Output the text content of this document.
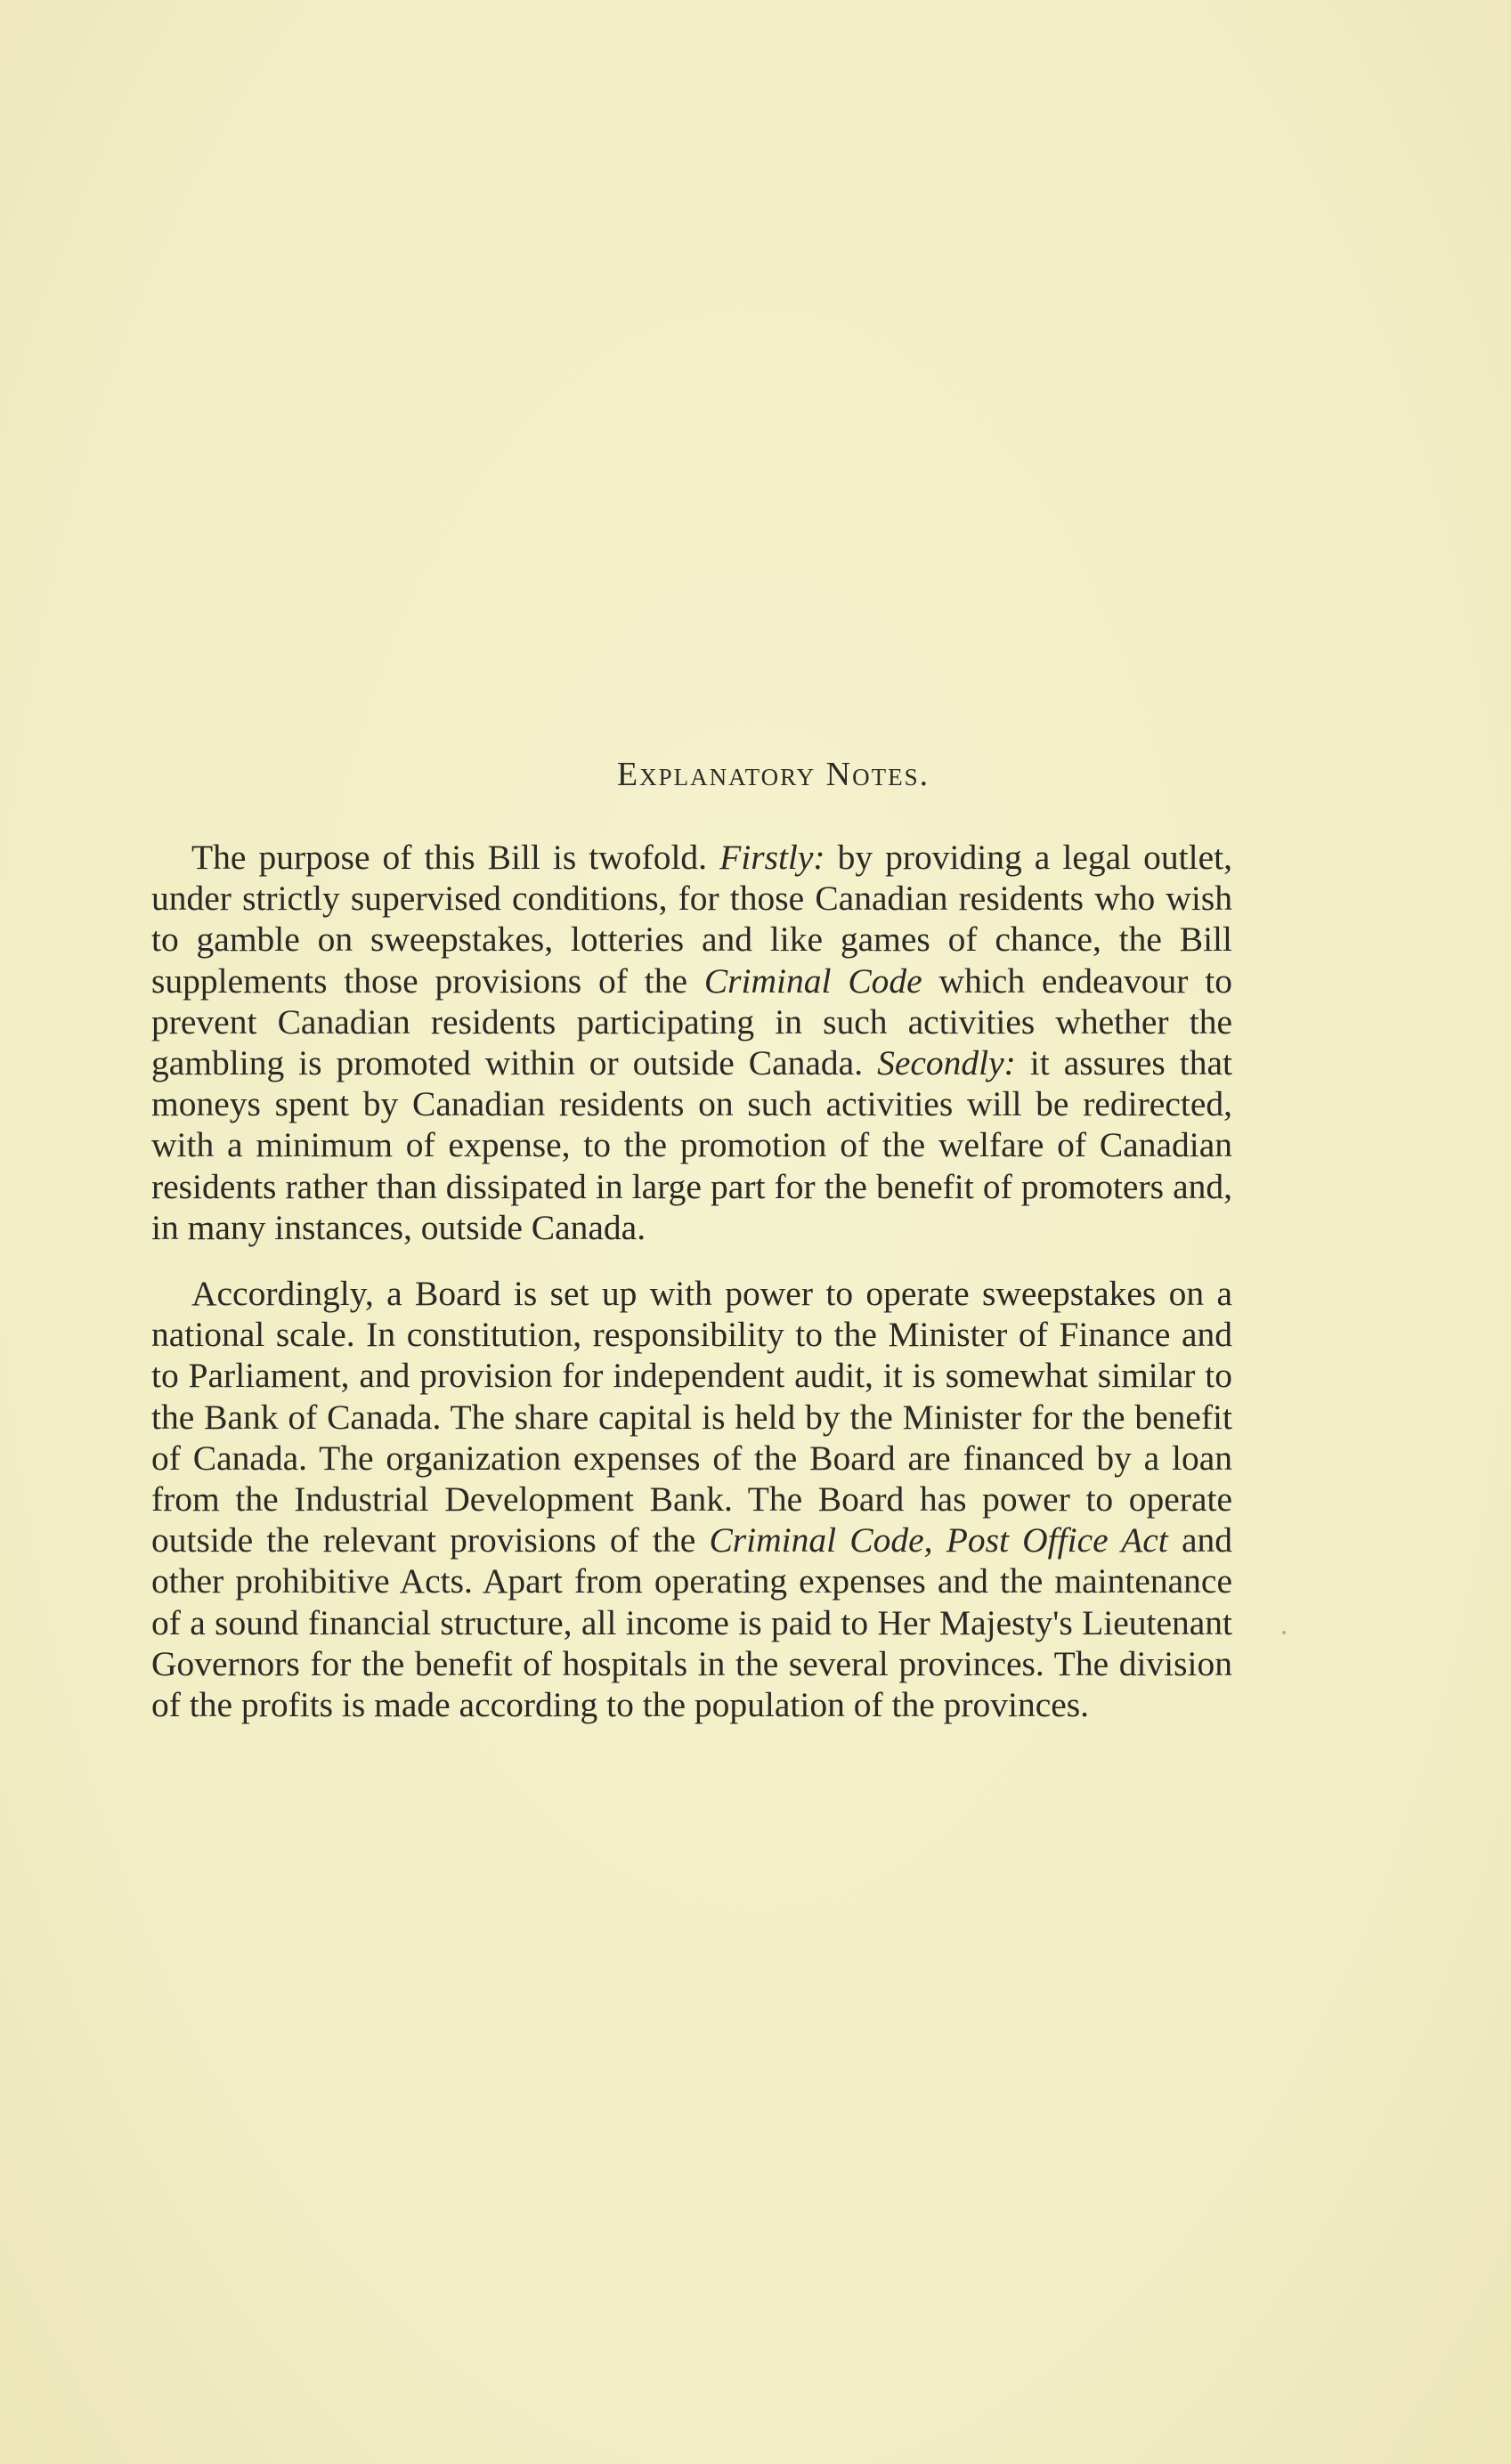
Explanatory Notes.

The purpose of this Bill is twofold. Firstly: by providing a legal outlet, under strictly supervised conditions, for those Canadian residents who wish to gamble on sweepstakes, lotteries and like games of chance, the Bill supplements those provisions of the Criminal Code which endeavour to prevent Canadian residents participating in such activities whether the gambling is promoted within or outside Canada. Secondly: it assures that moneys spent by Canadian residents on such activities will be redirected, with a minimum of expense, to the promotion of the welfare of Canadian residents rather than dissipated in large part for the benefit of promoters and, in many instances, outside Canada.

Accordingly, a Board is set up with power to operate sweepstakes on a national scale. In constitution, responsibility to the Minister of Finance and to Parliament, and provision for independent audit, it is somewhat similar to the Bank of Canada. The share capital is held by the Minister for the benefit of Canada. The organization expenses of the Board are financed by a loan from the Industrial Development Bank. The Board has power to operate outside the relevant provisions of the Criminal Code, Post Office Act and other prohibitive Acts. Apart from operating expenses and the maintenance of a sound financial structure, all income is paid to Her Majesty's Lieutenant Governors for the benefit of hospitals in the several provinces. The division of the profits is made according to the population of the provinces.
